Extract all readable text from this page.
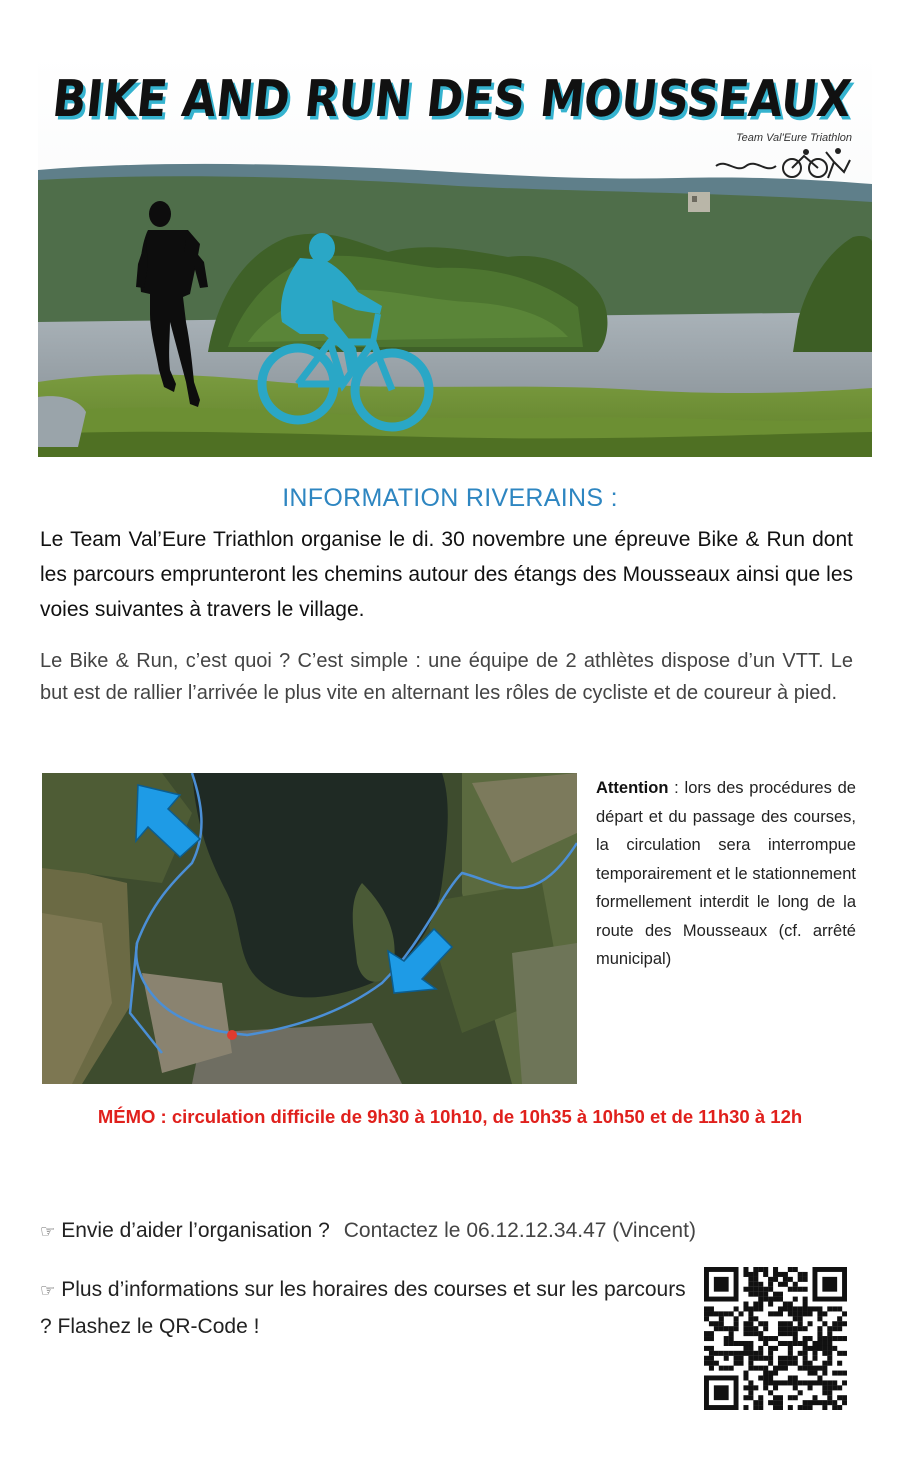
BIKE AND RUN DES MOUSSEAUX
Team Val'Eure Triathlon
INFORMATION RIVERAINS :

Le Team Val’Eure Triathlon organise le di. 30 novembre une épreuve Bike & Run dont les parcours emprunteront les chemins autour des étangs des Mousseaux ainsi que les voies suivantes à travers le village.

Le Bike & Run, c’est quoi ? C’est simple : une équipe de 2 athlètes dispose d’un VTT. Le but est de rallier l’arrivée le plus vite en alternant les rôles de cycliste et de coureur à pied.

Attention : lors des procédures de départ et du passage des courses, la circulation sera interrompue temporairement et le stationnement formellement interdit le long de la route des Mousseaux (cf. arrêté municipal)

MÉMO : circulation difficile de 9h30 à 10h10, de 10h35 à 10h50 et de 11h30 à 12h
☞ Envie d’aider l’organisation ? Contactez le 06.12.12.34.47 (Vincent)

☞ Plus d’informations sur les horaires des courses et sur les parcours ? Flashez le QR-Code !
